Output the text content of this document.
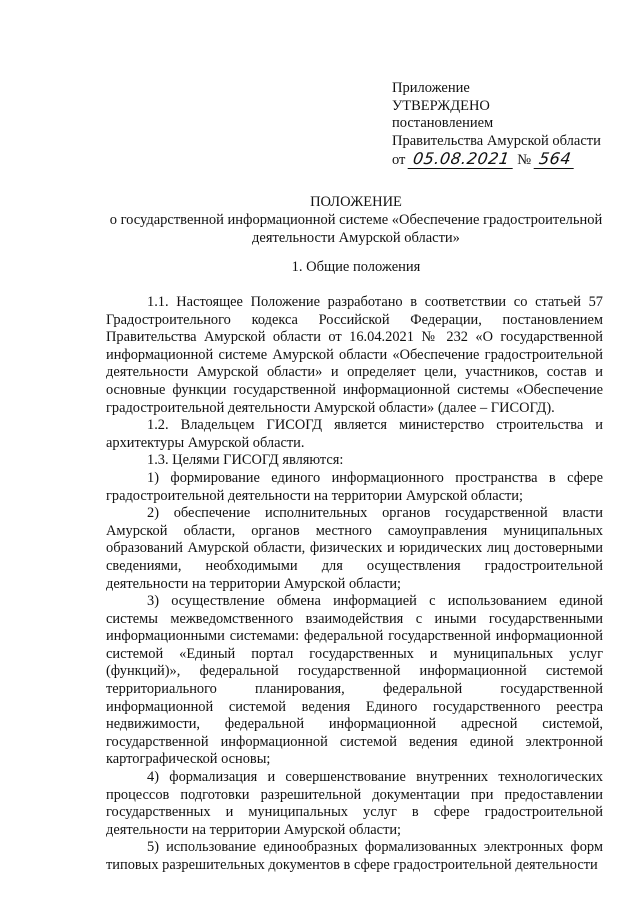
Приложение
УТВЕРЖДЕНО
постановлением
Правительства Амурской области
от 05.08.2021 № 564
ПОЛОЖЕНИЕ
о государственной информационной системе «Обеспечение градостроительной деятельности Амурской области»
1. Общие положения

1.1. Настоящее Положение разработано в соответствии со статьей 57 Градостроительного кодекса Российской Федерации, постановлением Правительства Амурской области от 16.04.2021 № 232 «О государственной информационной системе Амурской области «Обеспечение градостроительной деятельности Амурской области» и определяет цели, участников, состав и основные функции государственной информационной системы «Обеспечение градостроительной деятельности Амурской области» (далее – ГИСОГД).

1.2. Владельцем ГИСОГД является министерство строительства и архитектуры Амурской области.

1.3. Целями ГИСОГД являются:

1) формирование единого информационного пространства в сфере градостроительной деятельности на территории Амурской области;

2) обеспечение исполнительных органов государственной власти Амурской области, органов местного самоуправления муниципальных образований Амурской области, физических и юридических лиц достоверными сведениями, необходимыми для осуществления градостроительной деятельности на территории Амурской области;

3) осуществление обмена информацией с использованием единой системы межведомственного взаимодействия с иными государственными информационными системами: федеральной государственной информационной системой «Единый портал государственных и муниципальных услуг (функций)», федеральной государственной информационной системой территориального планирования, федеральной государственной информационной системой ведения Единого государственного реестра недвижимости, федеральной информационной адресной системой, государственной информационной системой ведения единой электронной картографической основы;

4) формализация и совершенствование внутренних технологических процессов подготовки разрешительной документации при предоставлении государственных и муниципальных услуг в сфере градостроительной деятельности на территории Амурской области;

5) использование единообразных формализованных электронных форм типовых разрешительных документов в сфере градостроительной деятельности
